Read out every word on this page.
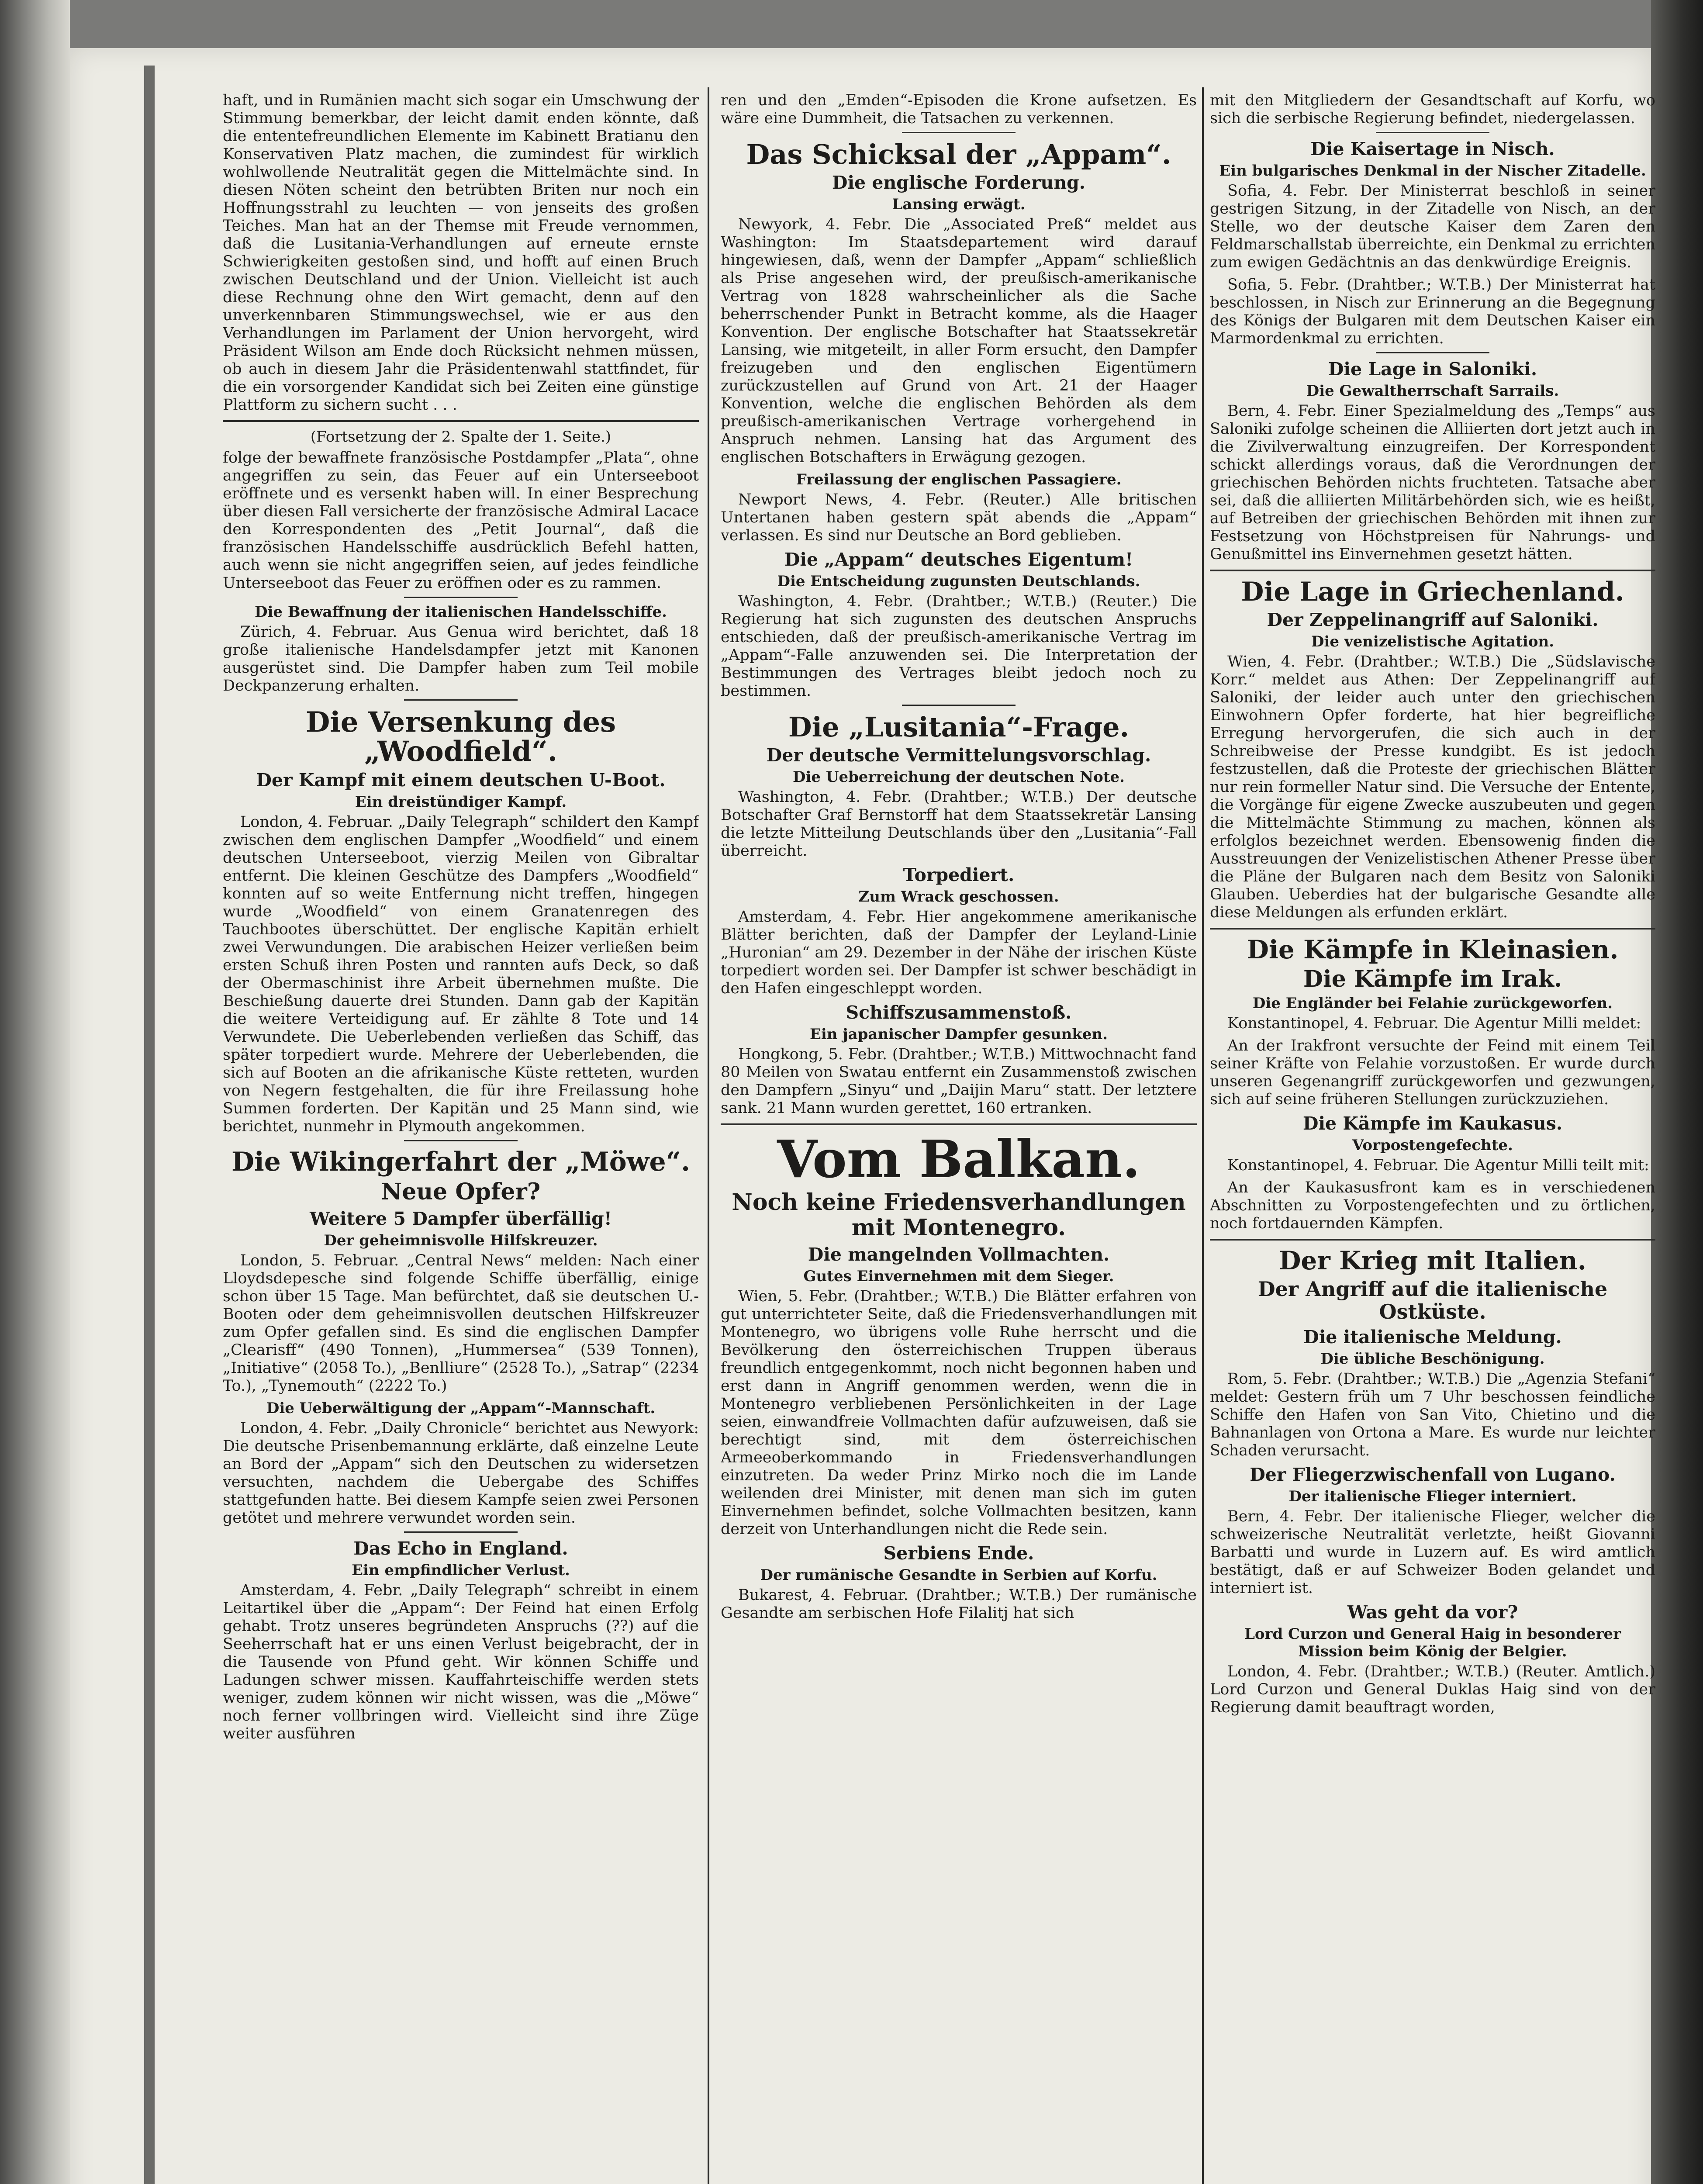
haft, und in Rumänien macht sich sogar ein Umschwung der Stimmung bemerkbar, der leicht damit enden könnte, daß die ententefreundlichen Elemente im Kabinett Bratianu den Konservativen Platz machen, die zumindest für wirklich wohlwollende Neutralität gegen die Mittelmächte sind. In diesen Nöten scheint den betrübten Briten nur noch ein Hoffnungsstrahl zu leuchten — von jenseits des großen Teiches. Man hat an der Themse mit Freude vernommen, daß die Lusitania-Verhandlungen auf erneute ernste Schwierigkeiten gestoßen sind, und hofft auf einen Bruch zwischen Deutschland und der Union. Vielleicht ist auch diese Rechnung ohne den Wirt gemacht, denn auf den unverkennbaren Stimmungswechsel, wie er aus den Verhandlungen im Parlament der Union hervorgeht, wird Präsident Wilson am Ende doch Rücksicht nehmen müssen, ob auch in diesem Jahr die Präsidentenwahl stattfindet, für die ein vorsorgender Kandidat sich bei Zeiten eine günstige Plattform zu sichern sucht . . .

(Fortsetzung der 2. Spalte der 1. Seite.)

folge der bewaffnete französische Postdampfer „Plata“, ohne angegriffen zu sein, das Feuer auf ein Unterseeboot eröffnete und es versenkt haben will. In einer Besprechung über diesen Fall versicherte der französische Admiral Lacace den Korrespondenten des „Petit Journal“, daß die französischen Handelsschiffe ausdrücklich Befehl hatten, auch wenn sie nicht angegriffen seien, auf jedes feindliche Unterseeboot das Feuer zu eröffnen oder es zu rammen.

Die Bewaffnung der italienischen Handelsschiffe.

Zürich, 4. Februar. Aus Genua wird berichtet, daß 18 große italienische Handelsdampfer jetzt mit Kanonen ausgerüstet sind. Die Dampfer haben zum Teil mobile Deckpanzerung erhalten.

Die Versenkung des „Woodfield“.
Der Kampf mit einem deutschen U-Boot.
Ein dreistündiger Kampf.

London, 4. Februar. „Daily Telegraph“ schildert den Kampf zwischen dem englischen Dampfer „Woodfield“ und einem deutschen Unterseeboot, vierzig Meilen von Gibraltar entfernt. Die kleinen Geschütze des Dampfers „Woodfield“ konnten auf so weite Entfernung nicht treffen, hingegen wurde „Woodfield“ von einem Granatenregen des Tauchbootes überschüttet. Der englische Kapitän erhielt zwei Verwundungen. Die arabischen Heizer verließen beim ersten Schuß ihren Posten und rannten aufs Deck, so daß der Obermaschinist ihre Arbeit übernehmen mußte. Die Beschießung dauerte drei Stunden. Dann gab der Kapitän die weitere Verteidigung auf. Er zählte 8 Tote und 14 Verwundete. Die Ueberlebenden verließen das Schiff, das später torpediert wurde. Mehrere der Ueberlebenden, die sich auf Booten an die afrikanische Küste retteten, wurden von Negern festgehalten, die für ihre Freilassung hohe Summen forderten. Der Kapitän und 25 Mann sind, wie berichtet, nunmehr in Plymouth angekommen.

Die Wikingerfahrt der „Möwe“.
Neue Opfer?
Weitere 5 Dampfer überfällig!
Der geheimnisvolle Hilfskreuzer.

London, 5. Februar. „Central News“ melden: Nach einer Lloydsdepesche sind folgende Schiffe überfällig, einige schon über 15 Tage. Man befürchtet, daß sie deutschen U.-Booten oder dem geheimnisvollen deutschen Hilfskreuzer zum Opfer gefallen sind. Es sind die englischen Dampfer „Clearisff“ (490 Tonnen), „Hummersea“ (539 Tonnen), „Initiative“ (2058 To.), „Benlliure“ (2528 To.), „Satrap“ (2234 To.), „Tynemouth“ (2222 To.)

Die Ueberwältigung der „Appam“-Mannschaft.

London, 4. Febr. „Daily Chronicle“ berichtet aus Newyork: Die deutsche Prisenbemannung erklärte, daß einzelne Leute an Bord der „Appam“ sich den Deutschen zu widersetzen versuchten, nachdem die Uebergabe des Schiffes stattgefunden hatte. Bei diesem Kampfe seien zwei Personen getötet und mehrere verwundet worden sein.

Das Echo in England.
Ein empfindlicher Verlust.

Amsterdam, 4. Febr. „Daily Telegraph“ schreibt in einem Leitartikel über die „Appam“: Der Feind hat einen Erfolg gehabt. Trotz unseres begründeten Anspruchs (??) auf die Seeherrschaft hat er uns einen Verlust beigebracht, der in die Tausende von Pfund geht. Wir können Schiffe und Ladungen schwer missen. Kauffahrteischiffe werden stets weniger, zudem können wir nicht wissen, was die „Möwe“ noch ferner vollbringen wird. Vielleicht sind ihre Züge weiter ausführen

ren und den „Emden“-Episoden die Krone aufsetzen. Es wäre eine Dummheit, die Tatsachen zu verkennen.

Das Schicksal der „Appam“.
Die englische Forderung.
Lansing erwägt.

Newyork, 4. Febr. Die „Associated Preß“ meldet aus Washington: Im Staatsdepartement wird darauf hingewiesen, daß, wenn der Dampfer „Appam“ schließlich als Prise angesehen wird, der preußisch-amerikanische Vertrag von 1828 wahrscheinlicher als die Sache beherrschender Punkt in Betracht komme, als die Haager Konvention. Der englische Botschafter hat Staatssekretär Lansing, wie mitgeteilt, in aller Form ersucht, den Dampfer freizugeben und den englischen Eigentümern zurückzustellen auf Grund von Art. 21 der Haager Konvention, welche die englischen Behörden als dem preußisch-amerikanischen Vertrage vorhergehend in Anspruch nehmen. Lansing hat das Argument des englischen Botschafters in Erwägung gezogen.

Freilassung der englischen Passagiere.

Newport News, 4. Febr. (Reuter.) Alle britischen Untertanen haben gestern spät abends die „Appam“ verlassen. Es sind nur Deutsche an Bord geblieben.

Die „Appam“ deutsches Eigentum!
Die Entscheidung zugunsten Deutschlands.

Washington, 4. Febr. (Drahtber.; W.T.B.) (Reuter.) Die Regierung hat sich zugunsten des deutschen Anspruchs entschieden, daß der preußisch-amerikanische Vertrag im „Appam“-Falle anzuwenden sei. Die Interpretation der Bestimmungen des Vertrages bleibt jedoch noch zu bestimmen.

Die „Lusitania“-Frage.
Der deutsche Vermittelungsvorschlag.
Die Ueberreichung der deutschen Note.

Washington, 4. Febr. (Drahtber.; W.T.B.) Der deutsche Botschafter Graf Bernstorff hat dem Staatssekretär Lansing die letzte Mitteilung Deutschlands über den „Lusitania“-Fall überreicht.

Torpediert.
Zum Wrack geschossen.

Amsterdam, 4. Febr. Hier angekommene amerikanische Blätter berichten, daß der Dampfer der Leyland-Linie „Huronian“ am 29. Dezember in der Nähe der irischen Küste torpediert worden sei. Der Dampfer ist schwer beschädigt in den Hafen eingeschleppt worden.

Schiffszusammenstoß.
Ein japanischer Dampfer gesunken.

Hongkong, 5. Febr. (Drahtber.; W.T.B.) Mittwochnacht fand 80 Meilen von Swatau entfernt ein Zusammenstoß zwischen den Dampfern „Sinyu“ und „Daijin Maru“ statt. Der letztere sank. 21 Mann wurden gerettet, 160 ertranken.

Vom Balkan.
Noch keine Friedensverhandlungen mit Montenegro.
Die mangelnden Vollmachten.
Gutes Einvernehmen mit dem Sieger.

Wien, 5. Febr. (Drahtber.; W.T.B.) Die Blätter erfahren von gut unterrichteter Seite, daß die Friedensverhandlungen mit Montenegro, wo übrigens volle Ruhe herrscht und die Bevölkerung den österreichischen Truppen überaus freundlich entgegenkommt, noch nicht begonnen haben und erst dann in Angriff genommen werden, wenn die in Montenegro verbliebenen Persönlichkeiten in der Lage seien, einwandfreie Vollmachten dafür aufzuweisen, daß sie berechtigt sind, mit dem österreichischen Armeeoberkommando in Friedensverhandlungen einzutreten. Da weder Prinz Mirko noch die im Lande weilenden drei Minister, mit denen man sich im guten Einvernehmen befindet, solche Vollmachten besitzen, kann derzeit von Unterhandlungen nicht die Rede sein.

Serbiens Ende.
Der rumänische Gesandte in Serbien auf Korfu.

Bukarest, 4. Februar. (Drahtber.; W.T.B.) Der rumänische Gesandte am serbischen Hofe Filalitj hat sich

mit den Mitgliedern der Gesandtschaft auf Korfu, wo sich die serbische Regierung befindet, niedergelassen.

Die Kaisertage in Nisch.
Ein bulgarisches Denkmal in der Nischer Zitadelle.

Sofia, 4. Febr. Der Ministerrat beschloß in seiner gestrigen Sitzung, in der Zitadelle von Nisch, an der Stelle, wo der deutsche Kaiser dem Zaren den Feldmarschallstab überreichte, ein Denkmal zu errichten zum ewigen Gedächtnis an das denkwürdige Ereignis.

Sofia, 5. Febr. (Drahtber.; W.T.B.) Der Ministerrat hat beschlossen, in Nisch zur Erinnerung an die Begegnung des Königs der Bulgaren mit dem Deutschen Kaiser ein Marmordenkmal zu errichten.

Die Lage in Saloniki.
Die Gewaltherrschaft Sarrails.

Bern, 4. Febr. Einer Spezialmeldung des „Temps“ aus Saloniki zufolge scheinen die Alliierten dort jetzt auch in die Zivilverwaltung einzugreifen. Der Korrespondent schickt allerdings voraus, daß die Verordnungen der griechischen Behörden nichts fruchteten. Tatsache aber sei, daß die alliierten Militärbehörden sich, wie es heißt, auf Betreiben der griechischen Behörden mit ihnen zur Festsetzung von Höchstpreisen für Nahrungs- und Genußmittel ins Einvernehmen gesetzt hätten.

Die Lage in Griechenland.
Der Zeppelinangriff auf Saloniki.
Die venizelistische Agitation.

Wien, 4. Febr. (Drahtber.; W.T.B.) Die „Südslavische Korr.“ meldet aus Athen: Der Zeppelinangriff auf Saloniki, der leider auch unter den griechischen Einwohnern Opfer forderte, hat hier begreifliche Erregung hervorgerufen, die sich auch in der Schreibweise der Presse kundgibt. Es ist jedoch festzustellen, daß die Proteste der griechischen Blätter nur rein formeller Natur sind. Die Versuche der Entente, die Vorgänge für eigene Zwecke auszubeuten und gegen die Mittelmächte Stimmung zu machen, können als erfolglos bezeichnet werden. Ebensowenig finden die Ausstreuungen der Venizelistischen Athener Presse über die Pläne der Bulgaren nach dem Besitz von Saloniki Glauben. Ueberdies hat der bulgarische Gesandte alle diese Meldungen als erfunden erklärt.

Die Kämpfe in Kleinasien.
Die Kämpfe im Irak.
Die Engländer bei Felahie zurückgeworfen.

Konstantinopel, 4. Februar. Die Agentur Milli meldet:

An der Irakfront versuchte der Feind mit einem Teil seiner Kräfte von Felahie vorzustoßen. Er wurde durch unseren Gegenangriff zurückgeworfen und gezwungen, sich auf seine früheren Stellungen zurückzuziehen.

Die Kämpfe im Kaukasus.
Vorpostengefechte.

Konstantinopel, 4. Februar. Die Agentur Milli teilt mit:

An der Kaukasusfront kam es in verschiedenen Abschnitten zu Vorpostengefechten und zu örtlichen, noch fortdauernden Kämpfen.

Der Krieg mit Italien.
Der Angriff auf die italienische Ostküste.
Die italienische Meldung.
Die übliche Beschönigung.

Rom, 5. Febr. (Drahtber.; W.T.B.) Die „Agenzia Stefani“ meldet: Gestern früh um 7 Uhr beschossen feindliche Schiffe den Hafen von San Vito, Chietino und die Bahnanlagen von Ortona a Mare. Es wurde nur leichter Schaden verursacht.

Der Fliegerzwischenfall von Lugano.
Der italienische Flieger interniert.

Bern, 4. Febr. Der italienische Flieger, welcher die schweizerische Neutralität verletzte, heißt Giovanni Barbatti und wurde in Luzern auf. Es wird amtlich bestätigt, daß er auf Schweizer Boden gelandet und interniert ist.

Was geht da vor?
Lord Curzon und General Haig in besonderer Mission beim König der Belgier.

London, 4. Febr. (Drahtber.; W.T.B.) (Reuter. Amtlich.) Lord Curzon und General Duklas Haig sind von der Regierung damit beauftragt worden,
